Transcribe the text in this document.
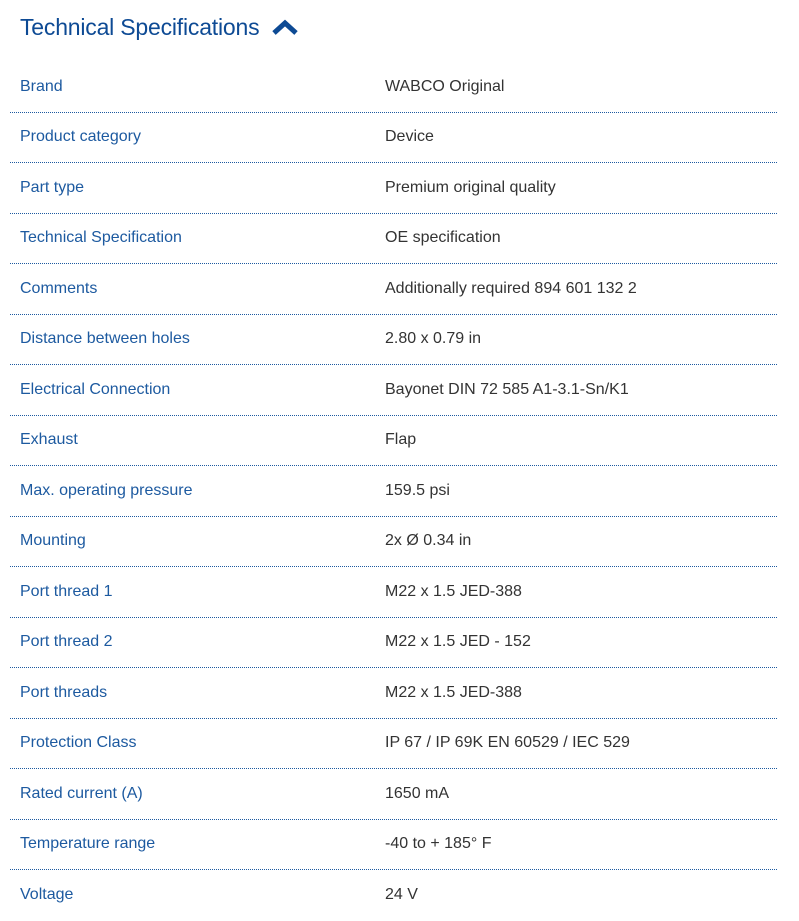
Technical Specifications
Brand	WABCO Original
Product category	Device
Part type	Premium original quality
Technical Specification	OE specification
Comments	Additionally required 894 601 132 2
Distance between holes	2.80 x 0.79 in
Electrical Connection	Bayonet DIN 72 585 A1-3.1-Sn/K1
Exhaust	Flap
Max. operating pressure	159.5 psi
Mounting	2x Ø 0.34 in
Port thread 1	M22 x 1.5 JED-388
Port thread 2	M22 x 1.5 JED - 152
Port threads	M22 x 1.5 JED-388
Protection Class	IP 67 / IP 69K EN 60529 / IEC 529
Rated current (A)	1650 mA
Temperature range	-40 to + 185° F
Voltage	24 V
